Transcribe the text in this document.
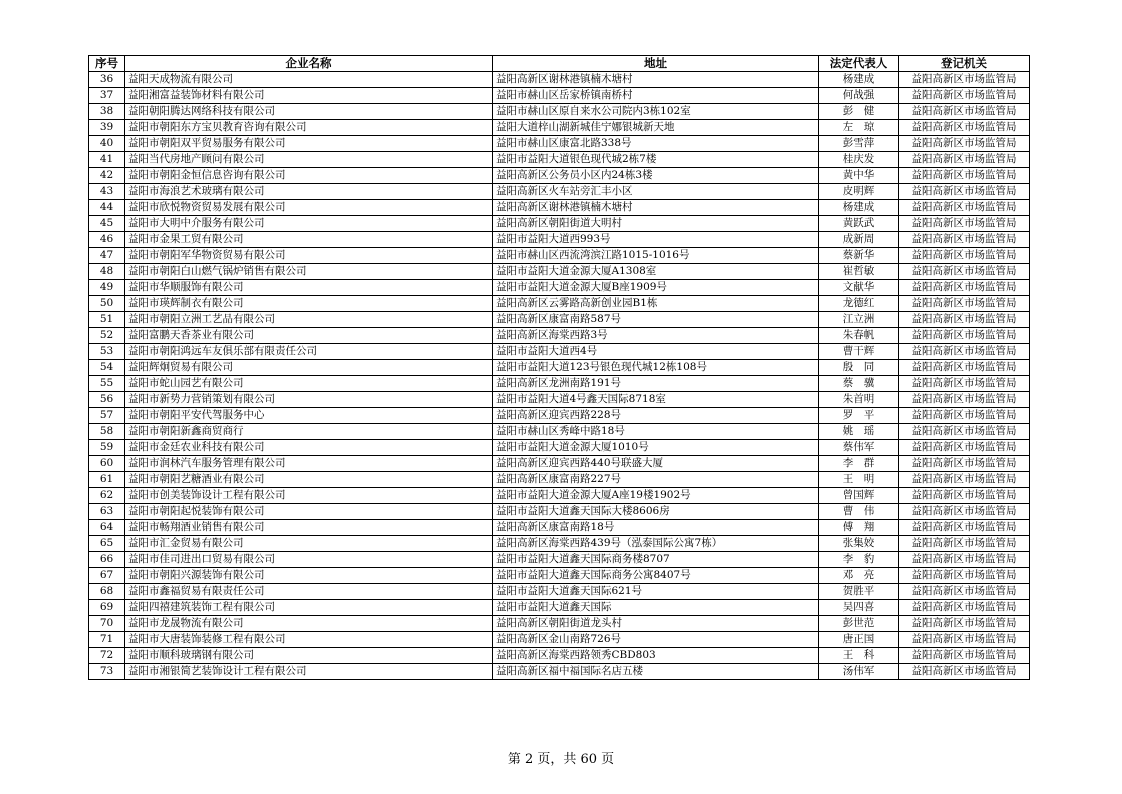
序号	企业名称	地址	法定代表人	登记机关
36	益阳天成物流有限公司	益阳高新区谢林港镇楠木塘村	杨建成	益阳高新区市场监管局
37	益阳湘富益装饰材料有限公司	益阳市赫山区岳家桥镇南桥村	何战强	益阳高新区市场监管局
38	益阳朝阳腾达网络科技有限公司	益阳市赫山区原自来水公司院内3栋102室	彭　健	益阳高新区市场监管局
39	益阳市朝阳东方宝贝教育咨询有限公司	益阳大道梓山湖新城佳宁娜银城新天地	左　琼	益阳高新区市场监管局
40	益阳市朝阳双平贸易服务有限公司	益阳市赫山区康富北路338号	彭雪萍	益阳高新区市场监管局
41	益阳当代房地产顾问有限公司	益阳市益阳大道银色现代城2栋7楼	桂庆发	益阳高新区市场监管局
42	益阳市朝阳金恒信息咨询有限公司	益阳高新区公务员小区内24栋3楼	黄中华	益阳高新区市场监管局
43	益阳市海浪艺术玻璃有限公司	益阳高新区火车站旁汇丰小区	皮明辉	益阳高新区市场监管局
44	益阳市欣悦物资贸易发展有限公司	益阳高新区谢林港镇楠木塘村	杨建成	益阳高新区市场监管局
45	益阳市大明中介服务有限公司	益阳高新区朝阳街道大明村	黄跃武	益阳高新区市场监管局
46	益阳市金果工贸有限公司	益阳市益阳大道西993号	成新周	益阳高新区市场监管局
47	益阳市朝阳军华物资贸易有限公司	益阳市赫山区西流湾滨江路1015-1016号	蔡新华	益阳高新区市场监管局
48	益阳市朝阳白山燃气锅炉销售有限公司	益阳市益阳大道金源大厦A1308室	崔哲敏	益阳高新区市场监管局
49	益阳市华顺服饰有限公司	益阳市益阳大道金源大厦B座1909号	文献华	益阳高新区市场监管局
50	益阳市瑛辉制衣有限公司	益阳高新区云雾路高新创业园B1栋	龙德红	益阳高新区市场监管局
51	益阳市朝阳立洲工艺品有限公司	益阳高新区康富南路587号	江立洲	益阳高新区市场监管局
52	益阳富鹏天香茶业有限公司	益阳高新区海棠西路3号	朱春帆	益阳高新区市场监管局
53	益阳市朝阳鸿远车友俱乐部有限责任公司	益阳市益阳大道西4号	曹干辉	益阳高新区市场监管局
54	益阳辉炯贸易有限公司	益阳市益阳大道123号银色现代城12栋108号	殷　同	益阳高新区市场监管局
55	益阳市蛇山园艺有限公司	益阳高新区龙洲南路191号	蔡　骥	益阳高新区市场监管局
56	益阳市新势力营销策划有限公司	益阳市益阳大道4号鑫天国际8718室	朱首明	益阳高新区市场监管局
57	益阳市朝阳平安代驾服务中心	益阳高新区迎宾西路228号	罗　平	益阳高新区市场监管局
58	益阳市朝阳新鑫商贸商行	益阳市赫山区秀峰中路18号	姚　瑶	益阳高新区市场监管局
59	益阳市金廷农业科技有限公司	益阳市益阳大道金源大厦1010号	蔡伟军	益阳高新区市场监管局
60	益阳市润林汽车服务管理有限公司	益阳高新区迎宾西路440号联盛大厦	李　群	益阳高新区市场监管局
61	益阳市朝阳艺糖酒业有限公司	益阳高新区康富南路227号	王　明	益阳高新区市场监管局
62	益阳市创美装饰设计工程有限公司	益阳市益阳大道金源大厦A座19楼1902号	曾国辉	益阳高新区市场监管局
63	益阳市朝阳起悦装饰有限公司	益阳市益阳大道鑫天国际大楼8606房	曹　伟	益阳高新区市场监管局
64	益阳市畅翔酒业销售有限公司	益阳高新区康富南路18号	傅　翔	益阳高新区市场监管局
65	益阳市汇金贸易有限公司	益阳高新区海棠西路439号（泓泰国际公寓7栋）	张集姣	益阳高新区市场监管局
66	益阳市佳司进出口贸易有限公司	益阳市益阳大道鑫天国际商务楼8707	李　豹	益阳高新区市场监管局
67	益阳市朝阳兴源装饰有限公司	益阳市益阳大道鑫天国际商务公寓8407号	邓　亮	益阳高新区市场监管局
68	益阳市鑫福贸易有限责任公司	益阳市益阳大道鑫天国际621号	贺胜平	益阳高新区市场监管局
69	益阳四禧建筑装饰工程有限公司	益阳市益阳大道鑫天国际	吴四喜	益阳高新区市场监管局
70	益阳市龙晟物流有限公司	益阳高新区朝阳街道龙头村	彭世范	益阳高新区市场监管局
71	益阳市大唐装饰装修工程有限公司	益阳高新区金山南路726号	唐正国	益阳高新区市场监管局
72	益阳市顺科玻璃钢有限公司	益阳高新区海棠西路领秀CBD803	王　科	益阳高新区市场监管局
73	益阳市湘银简艺装饰设计工程有限公司	益阳高新区福中福国际名店五楼	汤伟军	益阳高新区市场监管局
第 2 页，共 60 页
